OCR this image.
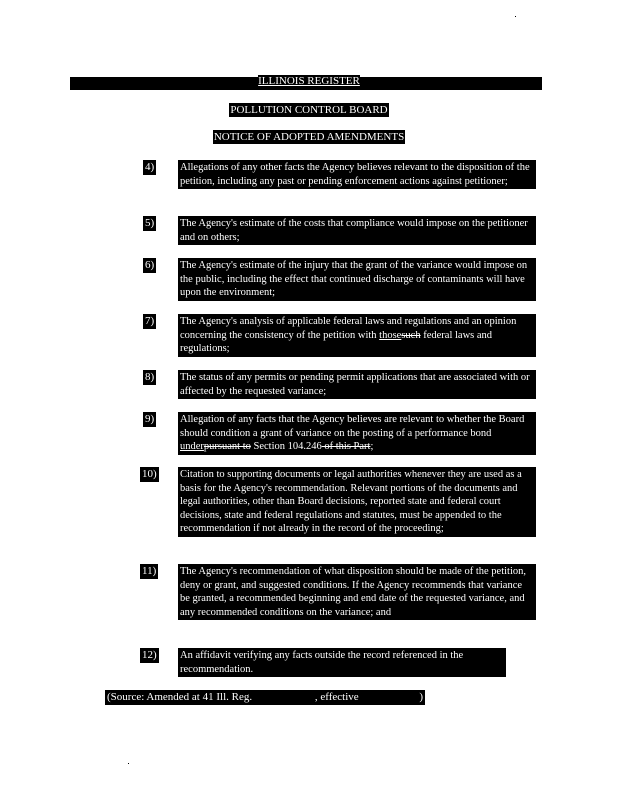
ILLINOIS REGISTER
POLLUTION CONTROL BOARD
NOTICE OF ADOPTED AMENDMENTS
4) Allegations of any other facts the Agency believes relevant to the disposition of the petition, including any past or pending enforcement actions against petitioner;
5) The Agency's estimate of the costs that compliance would impose on the petitioner and on others;
6) The Agency's estimate of the injury that the grant of the variance would impose on the public, including the effect that continued discharge of contaminants will have upon the environment;
7) The Agency's analysis of applicable federal laws and regulations and an opinion concerning the consistency of the petition with thosesuch federal laws and regulations;
8) The status of any permits or pending permit applications that are associated with or affected by the requested variance;
9) Allegation of any facts that the Agency believes are relevant to whether the Board should condition a grant of variance on the posting of a performance bond underpursuant to Section 104.246 of this Part;
10) Citation to supporting documents or legal authorities whenever they are used as a basis for the Agency's recommendation. Relevant portions of the documents and legal authorities, other than Board decisions, reported state and federal court decisions, state and federal regulations and statutes, must be appended to the recommendation if not already in the record of the proceeding;
11) The Agency's recommendation of what disposition should be made of the petition, deny or grant, and suggested conditions. If the Agency recommends that variance be granted, a recommended beginning and end date of the requested variance, and any recommended conditions on the variance; and
12) An affidavit verifying any facts outside the record referenced in the recommendation.
(Source: Amended at 41 Ill. Reg.	, effective	)
